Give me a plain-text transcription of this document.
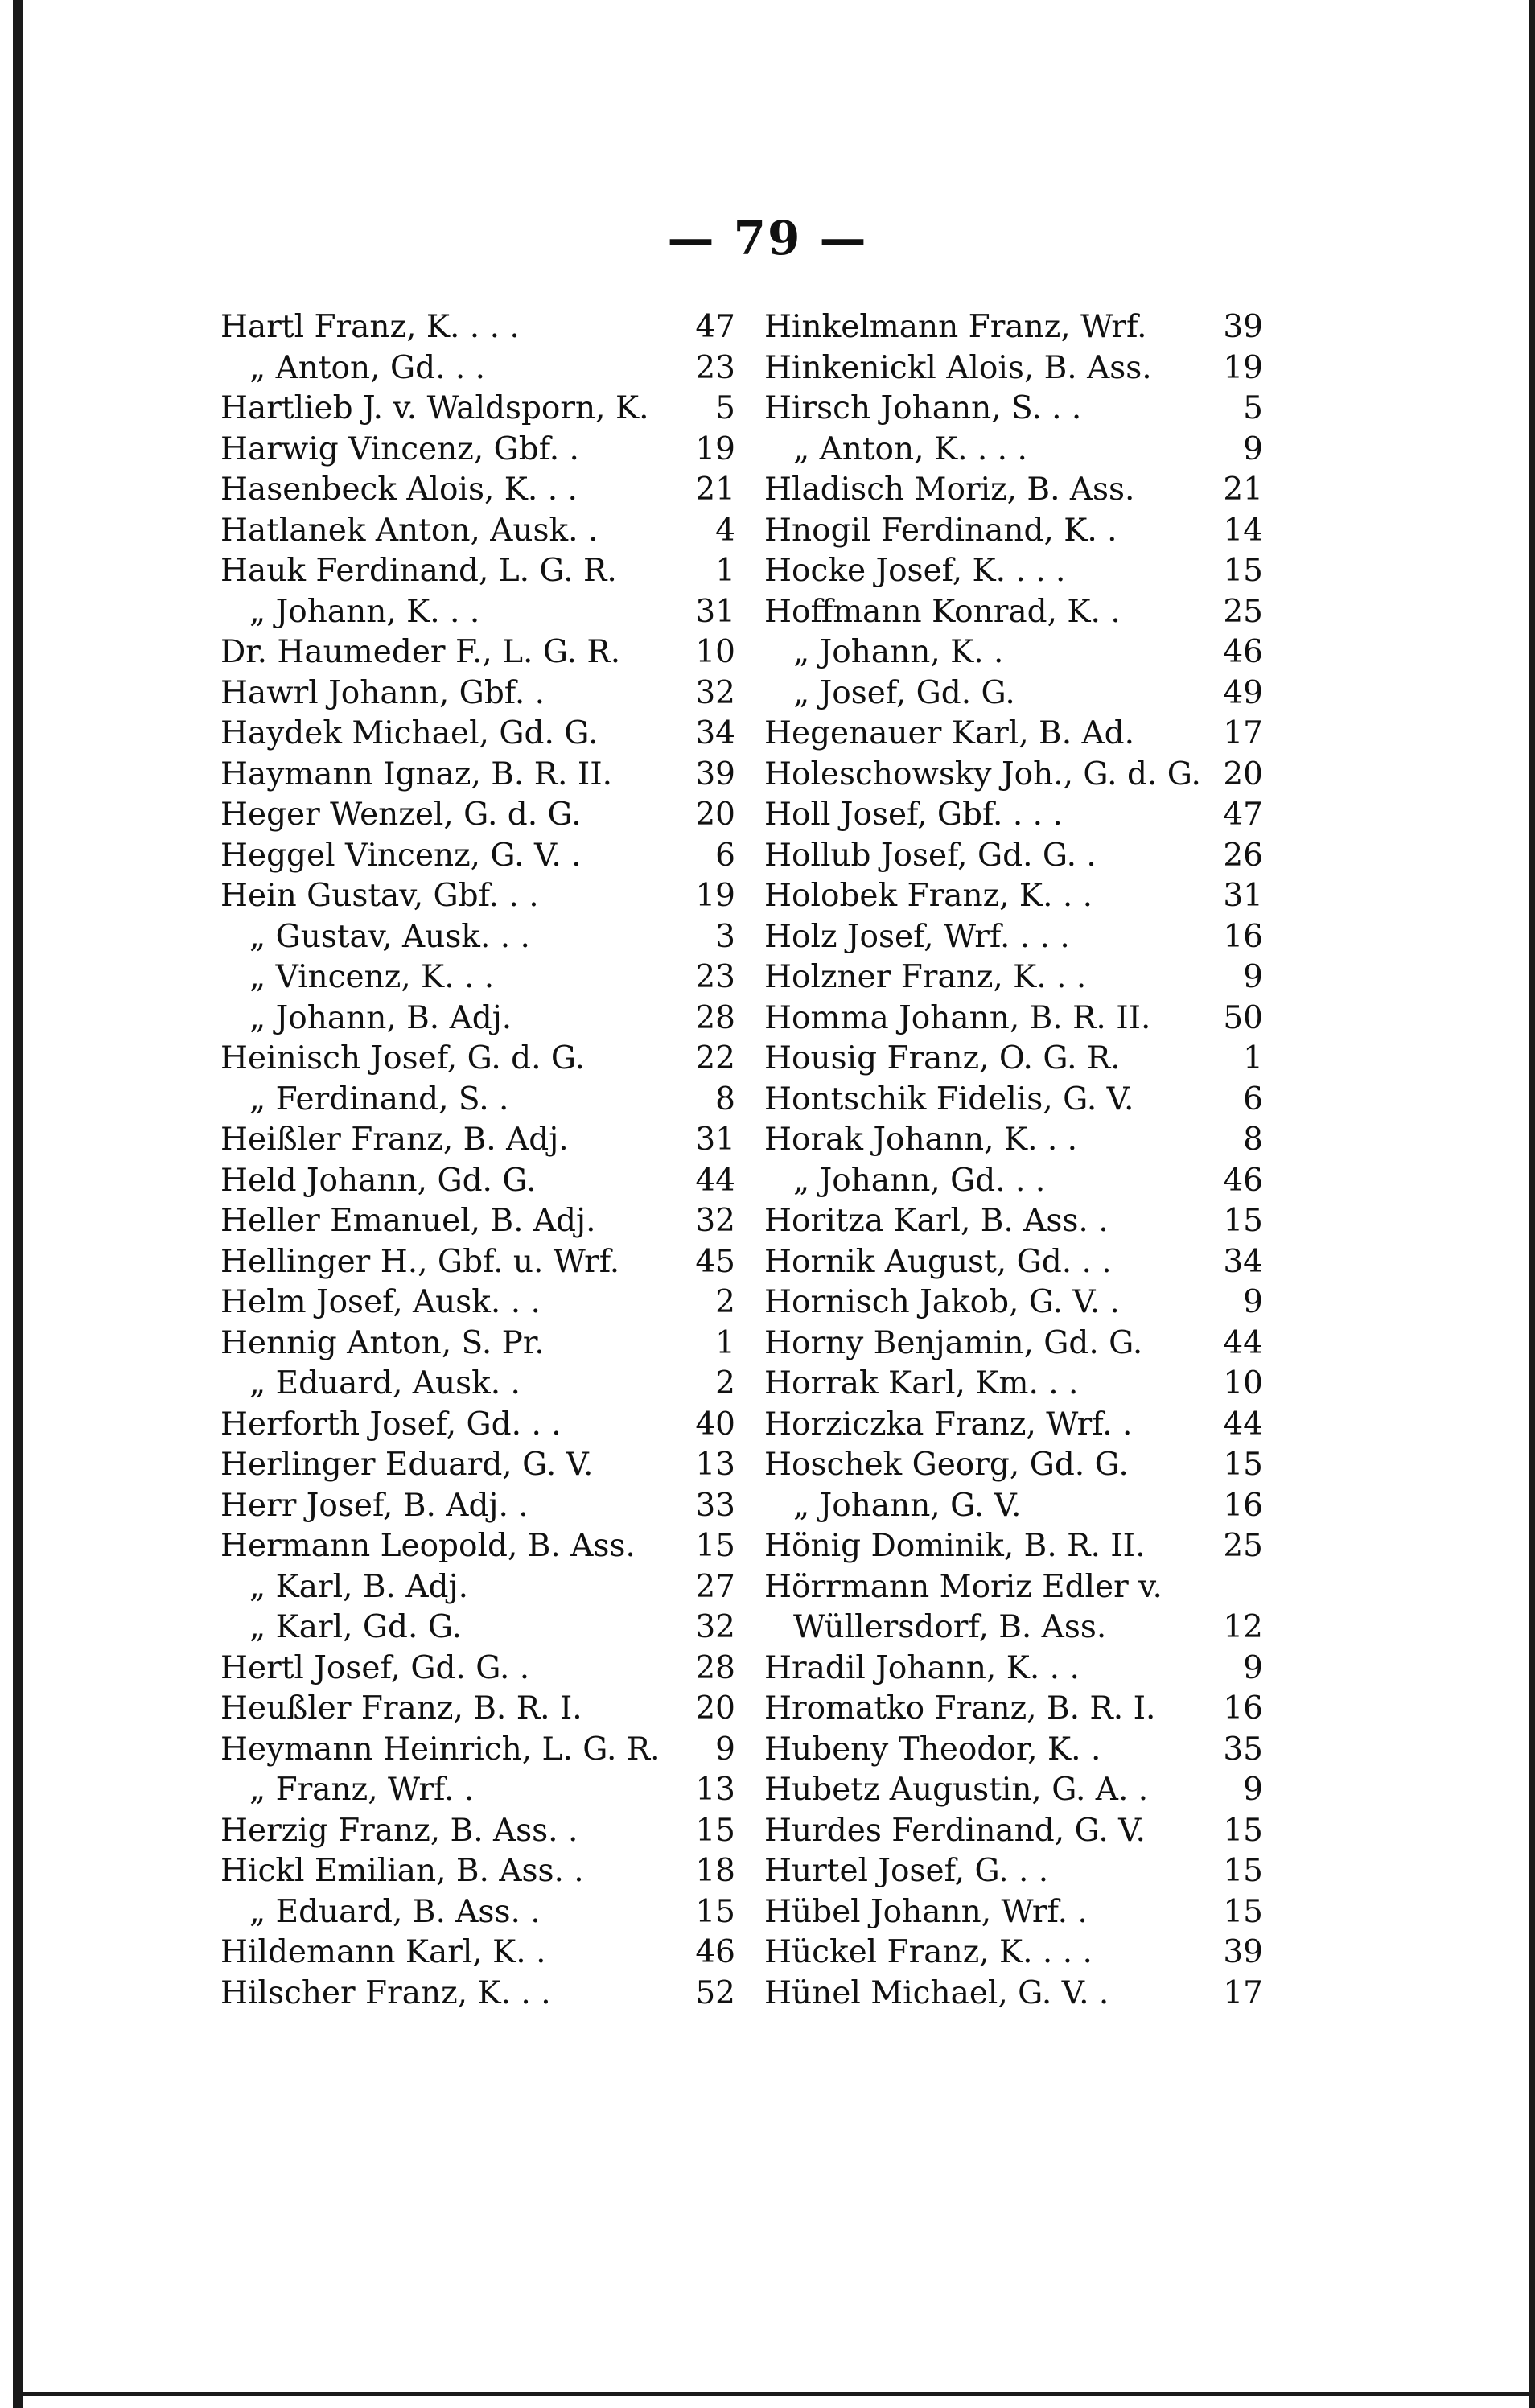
— 79 —
Hartl Franz, K. . . .	47
„ Anton, Gd. . .	23
Hartlieb J. v. Waldsporn, K.	5
Harwig Vincenz, Gbf. .	19
Hasenbeck Alois, K. . .	21
Hatlanek Anton, Ausk. .	4
Hauk Ferdinand, L. G. R.	1
„ Johann, K. . .	31
Dr. Haumeder F., L. G. R.	10
Hawrl Johann, Gbf. .	32
Haydek Michael, Gd. G.	34
Haymann Ignaz, B. R. II.	39
Heger Wenzel, G. d. G.	20
Heggel Vincenz, G. V. .	6
Hein Gustav, Gbf. . .	19
„ Gustav, Ausk. . .	3
„ Vincenz, K. . .	23
„ Johann, B. Adj.	28
Heinisch Josef, G. d. G.	22
„ Ferdinand, S. .	8
Heißler Franz, B. Adj.	31
Held Johann, Gd. G.	44
Heller Emanuel, B. Adj.	32
Hellinger H., Gbf. u. Wrf.	45
Helm Josef, Ausk. . .	2
Hennig Anton, S. Pr.	1
„ Eduard, Ausk. .	2
Herforth Josef, Gd. . .	40
Herlinger Eduard, G. V.	13
Herr Josef, B. Adj. .	33
Hermann Leopold, B. Ass.	15
„ Karl, B. Adj.	27
„ Karl, Gd. G.	32
Hertl Josef, Gd. G. .	28
Heußler Franz, B. R. I.	20
Heymann Heinrich, L. G. R.	9
„ Franz, Wrf. .	13
Herzig Franz, B. Ass. .	15
Hickl Emilian, B. Ass. .	18
„ Eduard, B. Ass. .	15
Hildemann Karl, K. .	46
Hilscher Franz, K. . .	52
Hinkelmann Franz, Wrf.	39
Hinkenickl Alois, B. Ass.	19
Hirsch Johann, S. . .	5
„ Anton, K. . . .	9
Hladisch Moriz, B. Ass.	21
Hnogil Ferdinand, K. .	14
Hocke Josef, K. . . .	15
Hoffmann Konrad, K. .	25
„ Johann, K. .	46
„ Josef, Gd. G.	49
Hegenauer Karl, B. Ad.	17
Holeschowsky Joh., G. d. G. 20
Holl Josef, Gbf. . . .	47
Hollub Josef, Gd. G. .	26
Holobek Franz, K. . .	31
Holz Josef, Wrf. . . .	16
Holzner Franz, K. . .	9
Homma Johann, B. R. II.	50
Housig Franz, O. G. R.	1
Hontschik Fidelis, G. V.	6
Horak Johann, K. . .	8
„ Johann, Gd. . .	46
Horitza Karl, B. Ass. .	15
Hornik August, Gd. . .	34
Hornisch Jakob, G. V. .	9
Horny Benjamin, Gd. G.	44
Horrak Karl, Km. . .	10
Horziczka Franz, Wrf. .	44
Hoschek Georg, Gd. G.	15
„ Johann, G. V.	16
Hönig Dominik, B. R. II.	25
Hörrmann Moriz Edler v.
Wüllersdorf, B. Ass.	12
Hradil Johann, K. . .	9
Hromatko Franz, B. R. I.	16
Hubeny Theodor, K. .	35
Hubetz Augustin, G. A. .	9
Hurdes Ferdinand, G. V.	15
Hurtel Josef, G. . .	15
Hübel Johann, Wrf. .	15
Hückel Franz, K. . . .	39
Hünel Michael, G. V. .	17
